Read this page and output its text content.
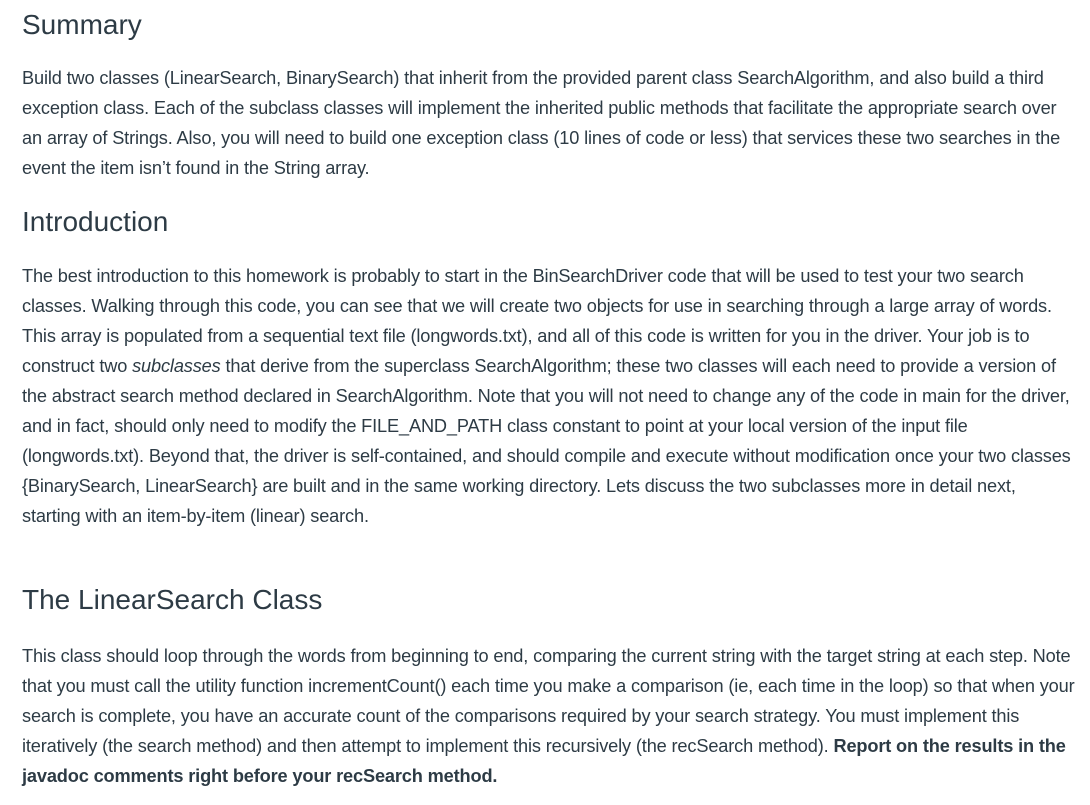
Summary

Build two classes (LinearSearch, BinarySearch) that inherit from the provided parent class SearchAlgorithm, and also build a third exception class. Each of the subclass classes will implement the inherited public methods that facilitate the appropriate search over an array of Strings. Also, you will need to build one exception class (10 lines of code or less) that services these two searches in the event the item isn’t found in the String array.

Introduction

The best introduction to this homework is probably to start in the BinSearchDriver code that will be used to test your two search classes. Walking through this code, you can see that we will create two objects for use in searching through a large array of words. This array is populated from a sequential text file (longwords.txt), and all of this code is written for you in the driver. Your job is to construct two subclasses that derive from the superclass SearchAlgorithm; these two classes will each need to provide a version of the abstract search method declared in SearchAlgorithm. Note that you will not need to change any of the code in main for the driver, and in fact, should only need to modify the FILE_AND_PATH class constant to point at your local version of the input file (longwords.txt). Beyond that, the driver is self-contained, and should compile and execute without modification once your two classes {BinarySearch, LinearSearch} are built and in the same working directory. Lets discuss the two subclasses more in detail next, starting with an item-by-item (linear) search.

The LinearSearch Class

This class should loop through the words from beginning to end, comparing the current string with the target string at each step. Note that you must call the utility function incrementCount() each time you make a comparison (ie, each time in the loop) so that when your search is complete, you have an accurate count of the comparisons required by your search strategy. You must implement this iteratively (the search method) and then attempt to implement this recursively (the recSearch method). Report on the results in the javadoc comments right before your recSearch method.
